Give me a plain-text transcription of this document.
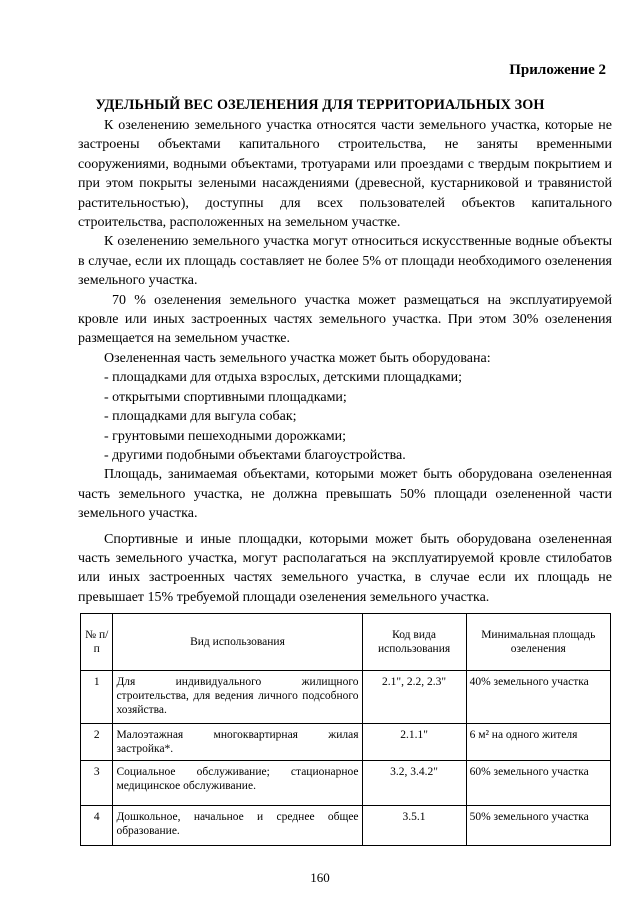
Приложение 2
УДЕЛЬНЫЙ ВЕС ОЗЕЛЕНЕНИЯ ДЛЯ ТЕРРИТОРИАЛЬНЫХ ЗОН

К озеленению земельного участка относятся части земельного участка, которые не застроены объектами капитального строительства, не заняты временными сооружениями, водными объектами, тротуарами или проездами с твердым покрытием и при этом покрыты зелеными насаждениями (древесной, кустарниковой и травянистой растительностью), доступны для всех пользователей объектов капитального строительства, расположенных на земельном участке.

К озеленению земельного участка могут относиться искусственные водные объекты в случае, если их площадь составляет не более 5% от площади необходимого озеленения земельного участка.

70 % озеленения земельного участка может размещаться на эксплуатируемой кровле или иных застроенных частях земельного участка. При этом 30% озеленения размещается на земельном участке.

Озелененная часть земельного участка может быть оборудована:

- площадками для отдыха взрослых, детскими площадками;
- открытыми спортивными площадками;
- площадками для выгула собак;
- грунтовыми пешеходными дорожками;
- другими подобными объектами благоустройства.

Площадь, занимаемая объектами, которыми может быть оборудована озелененная часть земельного участка, не должна превышать 50% площади озелененной части земельного участка.

Спортивные и иные площадки, которыми может быть оборудована озелененная часть земельного участка, могут располагаться на эксплуатируемой кровле стилобатов или иных застроенных частях земельного участка, в случае если их площадь не превышает 15% требуемой площади озеленения земельного участка.

№ п/п	Вид использования	Код вида использования	Минимальная площадь озеленения
1	Для индивидуального жилищного строительства, для ведения личного подсобного хозяйства.	2.1", 2.2, 2.3"	40% земельного участка
2	Малоэтажная многоквартирная жилая застройка*.	2.1.1"	6 м² на одного жителя
3	Социальное обслуживание; стационарное медицинское обслуживание.	3.2, 3.4.2"	60% земельного участка
4	Дошкольное, начальное и среднее общее образование.	3.5.1	50% земельного участка
160
